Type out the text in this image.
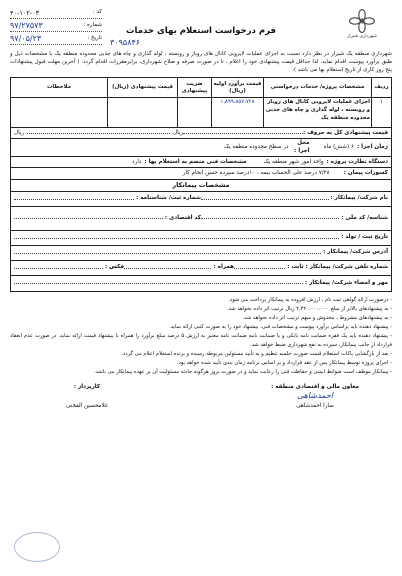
شهرداری شیراز
فرم درخواست استعلام بهای خدمات
کد :
۴۰-۱۰۲-۰۳
شماره :
۹۷/۲۷۵۷۳
تاریخ :
۹۷/۰۵/۲۳	۳۰۹۵۸۴۶

شهرداری منطقه یک شیراز در نظر دارد نسبت به اجرای عملیات لایروبی کانال های روباز و روبسته ، لوله گذاری و چاه های جذبی محدوده منطقه یک با مشخصات ذیل و طبق برآورد پیوست اقدام نماید. لذا حداقل قیمت پیشنهادی خود را اعلام ، تا در صورت صرفه و صلاح شهرداری، برابرمقررات اقدام گردد. ( آخرین مهلت قبول پیشنهادات پنج روز کاری از تاریخ استعلام بها می باشد ).

ردیف	مشخصات پروژه/ خدمات درخواستی	قیمت برآورد اولیه (ریال)	ضریب پیشنهادی	قیمت پیشنهادی (ریال)	ملاحظات
۱	اجرای عملیات لایروبی کانال های روباز و روبسته ، لوله گذاری و چاه های جذبی محدوده منطقه یک	۱،۸۹۹،۸۵۷،۷۲۸			
قیمت پیشنهادی کل به حروف :
ریال
ریال
زمان اجرا :
۶ (شش) ماه
محل اجرا :
در سطح محدوده منطقه یک
دستگاه نظارت پروژه :
واحد امور شهر منطقه یک
مشخصات فنی منضم به استعلام بها :
دارد
کسورات پیمان :
۷/۲۸ درصد علی الحساب بیمه ، ۱۰درصد سپرده حسن انجام کار
مشخصات پیمانکار
نام شرکت/ پیمانکار :
شماره ثبت/ شناسنامه :
شناسه/ کد ملی :
کد اقتصادی :
تاریخ ثبت / تولد :
آدرس شرکت/ پیمانکار :
شماره تلفن شرکت/ پیمانکار : ثابت :
همراه :
فکس :
مهر و امضاء شرکت/ پیمانکار :

- درصورت ارائه گواهی ثبت نام ، ارزش افزوده به پیمانکار پرداخت می شود.

- به پیشنهادهای بالاتر از مبلغ ۲،۴۲۰،۰۰۰،۰۰۰ ریال ترتیب اثر داده نخواهد شد.

- به پیشنهادهای مشروط ، مخدوش و مبهم ترتیب اثر داده نخواهد شد.

- پیشنهاد دهنده باید براساس برآورد پیوست و مشخصات فنی، پیشنهاد خود را به صورت کتبی ارائه نماید.

- پیشنهاد دهنده باید یک فقره ضمانت نامه بانکی و یا ضمانت نامه ضمانت نامه معتبر به ارزش ۵ درصد مبلغ برآورد را همراه با پیشنهاد قیمت ارائه نماید. در صورت عدم انعقاد قرارداد از جانب پیمانکار، سپرده به نفع شهرداری ضبط خواهد شد.

- بعد از بازگشایی پاکات استعلام قیمت صورت جلسه تنظیم و به تأیید مسئولین مربوطه رسیده و برنده استعلام اعلام می گردد.

- اجرای پروژه توسط پیمانکار پس از عقد قرارداد و بر اساس برنامه زمان بندی تأیید شده خواهد بود.

- پیمانکار موظف است ضوابط ایمنی و حفاظت فنی را رعایت نماید و در صورت بروز هرگونه حادثه مسئولیت آن بر عهده پیمانکار می باشد.

معاون مالی و اقتصادی منطقه :
احمدشاهی
سارا احمدشاهی
کارپرداز :
غلامحسین الفخنی
